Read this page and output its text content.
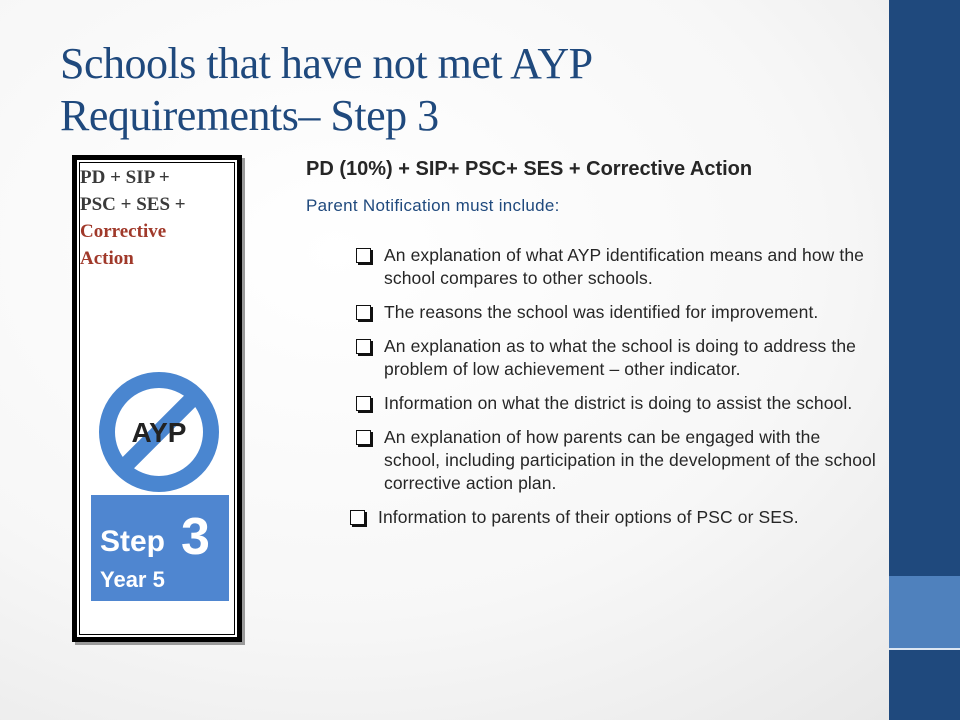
Schools that have not met AYP
Requirements– Step 3
PD + SIP +
PSC + SES +
Corrective
Action
AYP
Step 3
Year 5
PD (10%) + SIP+ PSC+ SES + Corrective Action
Parent Notification must include:
An explanation of what AYP identification means and how the school compares to other schools.
The reasons the school was identified for improvement.
An explanation as to what the school is doing to address the problem of low achievement – other indicator.
Information on what the district is doing to assist the school.
An explanation of how parents can be engaged with the school, including participation in the development of the school corrective action plan.
Information to parents of their options of PSC or SES.
